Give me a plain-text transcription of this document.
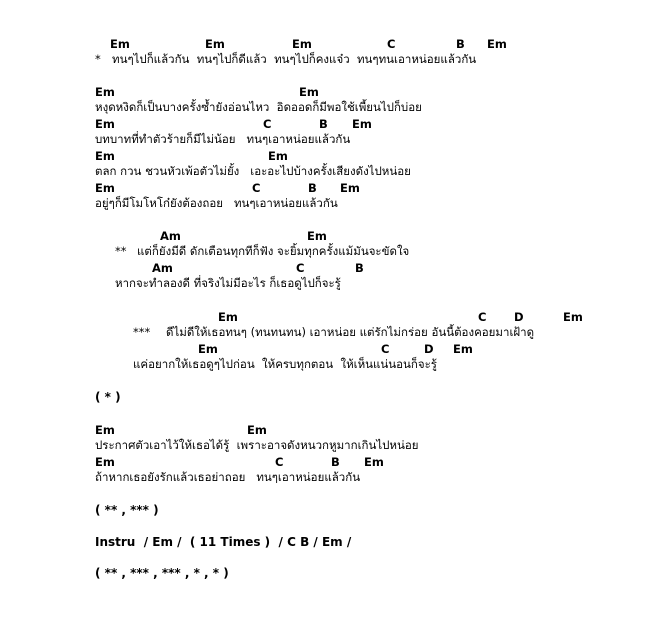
Em	Em	Em	C	B Em
* ทนๆไปก็แล้วกัน  ทนๆไปก็ดีแล้ว  ทนๆไปก็คงแจ๋ว  ทนๆทนเอาหน่อยแล้วกัน
Em	Em
หงุดหงิดก็เป็นบางครั้งซ้ำยังอ่อนไหว  อิดออดก็มีพอใช้เพี้ยนไปก็บ่อย
Em	C	B Em
บทบาทที่ทำตัวร้ายก็มีไม่น้อย   ทนๆเอาหน่อยแล้วกัน
Em	Em
ตลก กวน ชวนหัวเพ้อตัวไม่ยั้ง   เอะอะไปบ้างครั้งเสียงดังไปหน่อย
Em	C	B Em
อยู่ๆก็มีโมโหโก๋ยังต้องถอย   ทนๆเอาหน่อยแล้วกัน
Am	Em
** แต่ก็ยังมีดี ดักเตือนทุกทีก็ฟัง จะยิ้มทุกครั้งแม้มันจะขัดใจ
Am	C	B
หากจะทำลองดี ที่จริงไม่มีอะไร ก็เธอดูไปก็จะรู้
Em	C D	Em
*** ดีไม่ดีให้เธอทนๆ (ทนทนทน) เอาหน่อย แต่รักไม่กร่อย อันนี้ต้องคอยมาเฝ้าดู
Em	C	D Em
แค่อยากให้เธอดูๆไปก่อน  ให้ครบทุกตอน  ให้เห็นแน่นอนก็จะรู้
( * )
Em	Em
ประกาศตัวเอาไว้ให้เธอได้รู้  เพราะอาจดังหนวกหูมากเกินไปหน่อย
Em	C	B Em
ถ้าหากเธอยังรักแล้วเธอย่าถอย   ทนๆเอาหน่อยแล้วกัน
( ** , *** )
Instru  / Em /  ( 11 Times )  / C B / Em /
( ** , *** , *** , * , * )
